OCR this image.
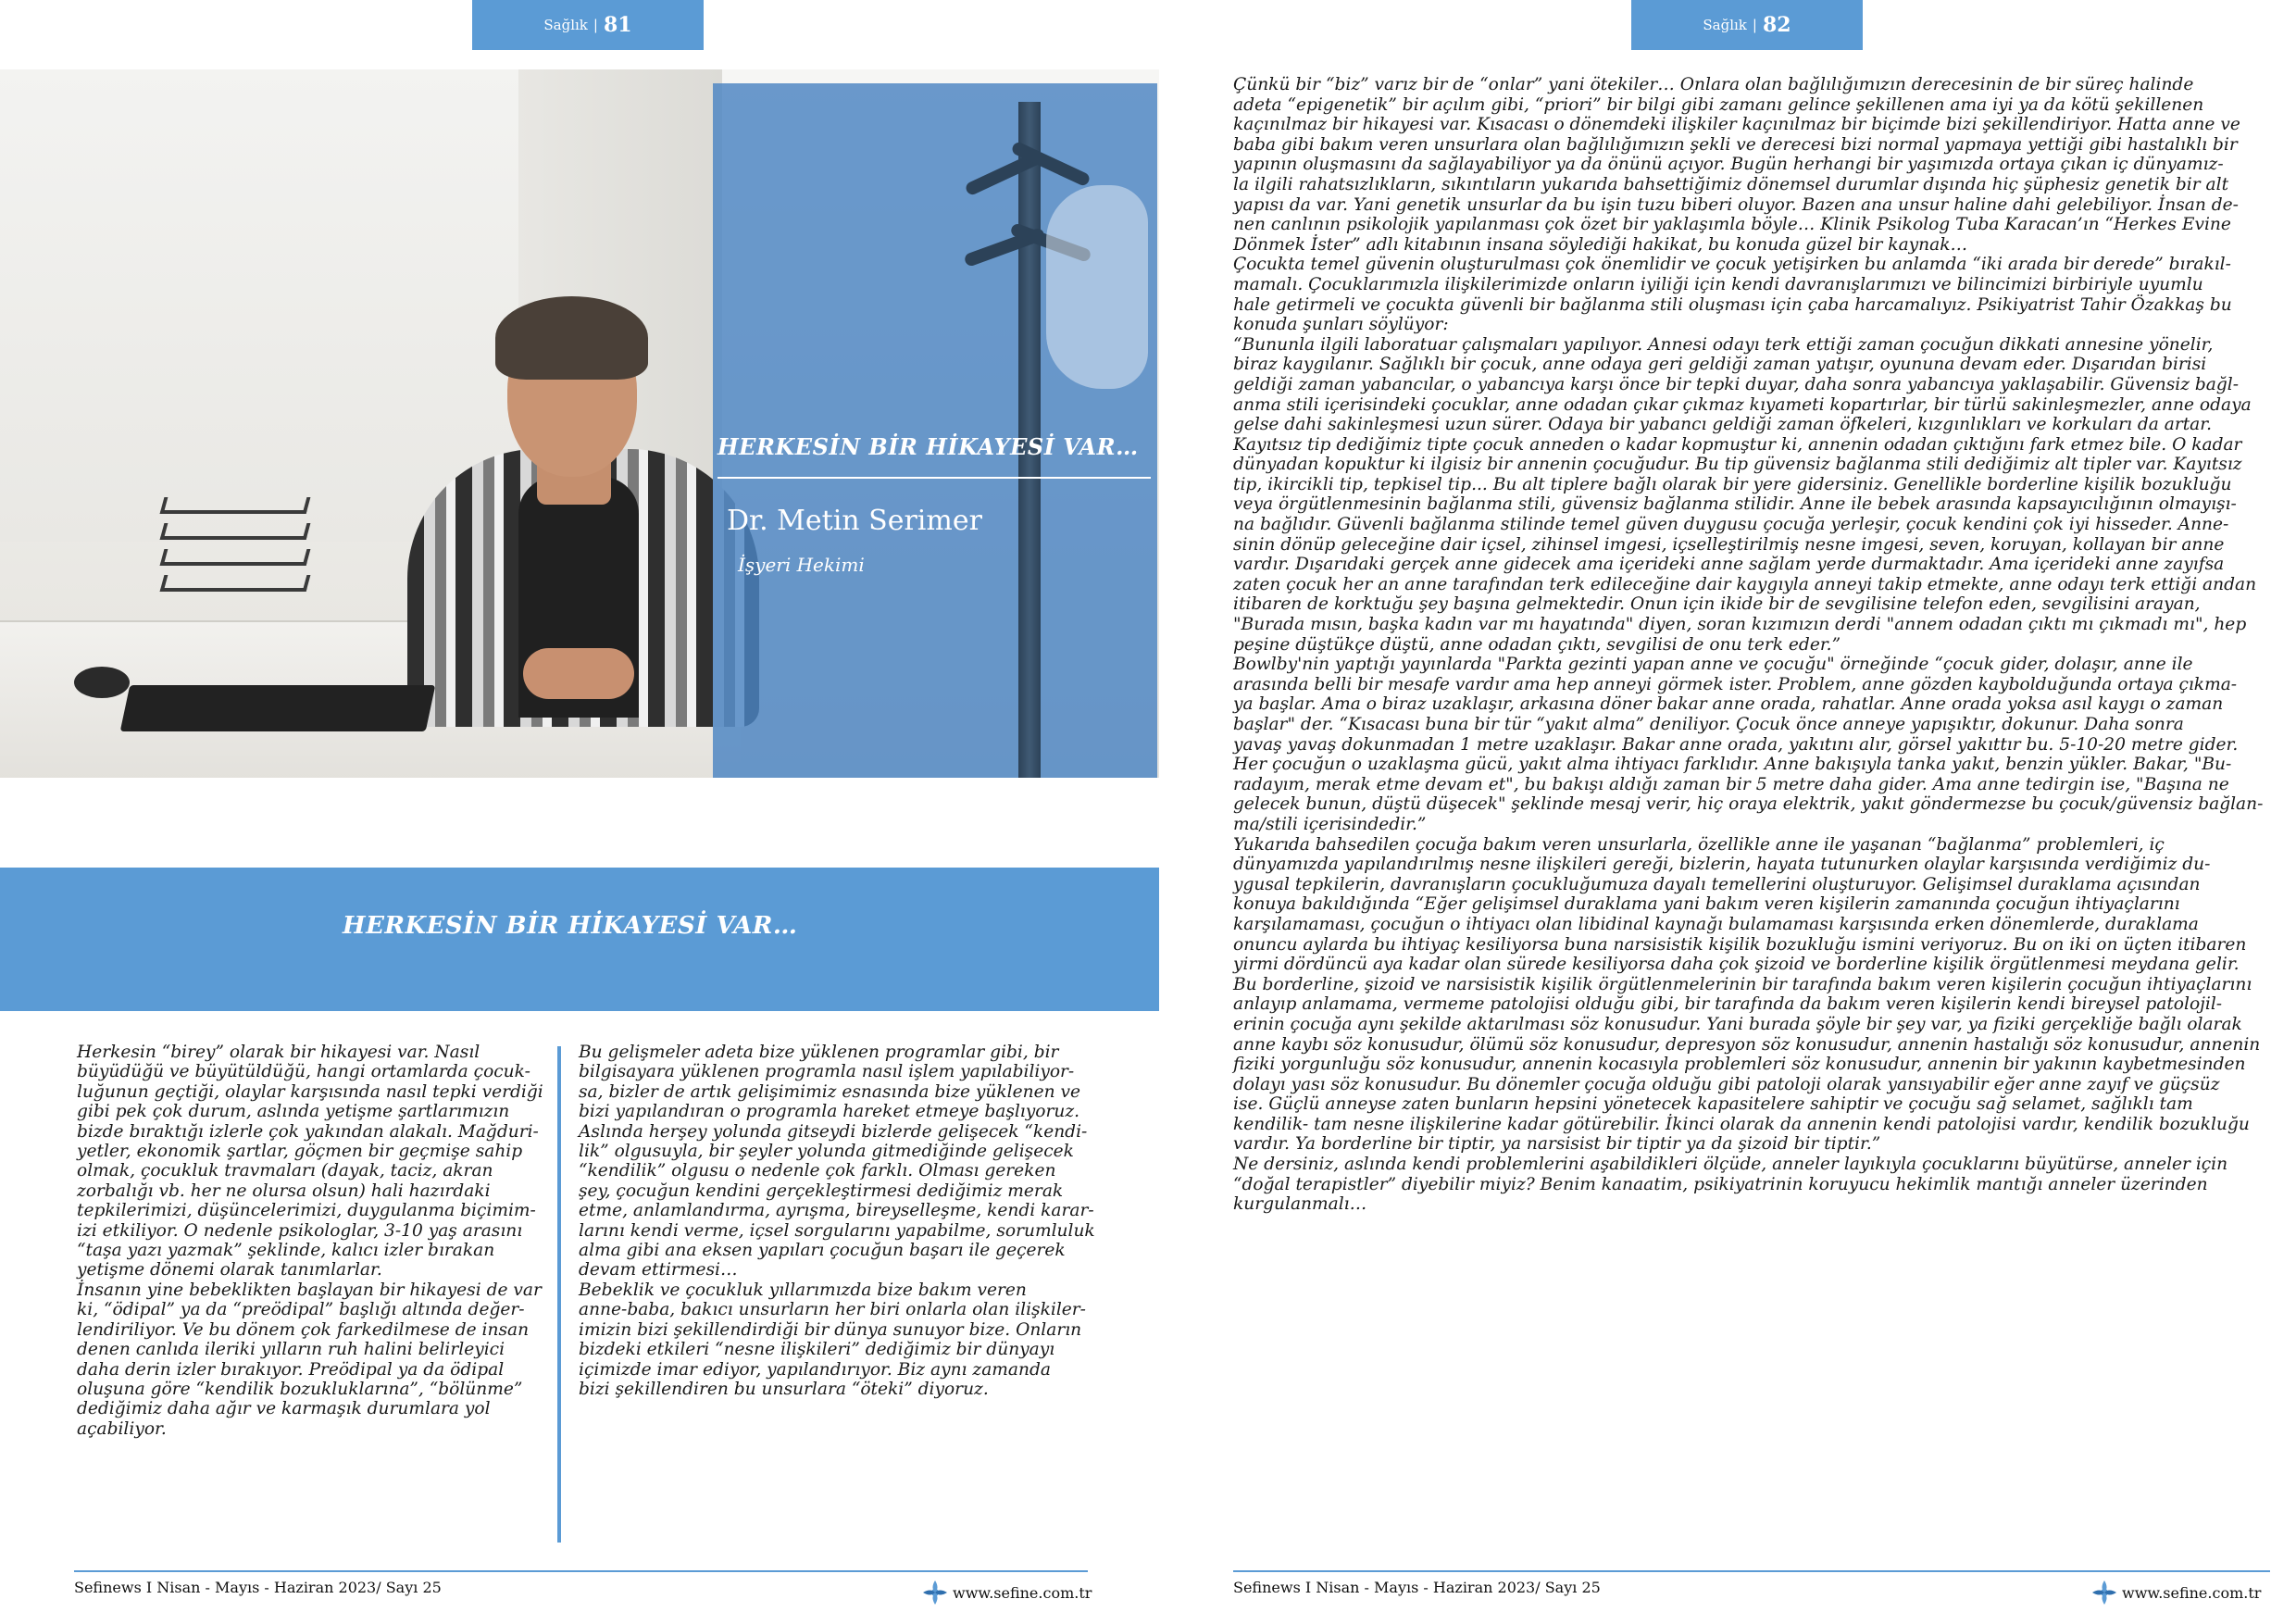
Sağlık | 81
HERKESİN BİR HİKAYESİ VAR…
Dr. Metin Serimer
İşyeri Hekimi
HERKESİN BİR HİKAYESİ VAR…

Herkesin “birey” olarak bir hikayesi var. Nasıl
büyüdüğü ve büyütüldüğü, hangi ortamlarda çocuk-
luğunun geçtiği, olaylar karşısında nasıl tepki verdiği
gibi pek çok durum, aslında yetişme şartlarımızın
bizde bıraktığı izlerle çok yakından alakalı. Mağduri-
yetler, ekonomik şartlar, göçmen bir geçmişe sahip
olmak, çocukluk travmaları (dayak, taciz, akran
zorbalığı vb. her ne olursa olsun) hali hazırdaki
tepkilerimizi, düşüncelerimizi, duygulanma biçimim-
izi etkiliyor. O nedenle psikologlar, 3-10 yaş arasını
“taşa yazı yazmak” şeklinde, kalıcı izler bırakan
yetişme dönemi olarak tanımlarlar.
İnsanın yine bebeklikten başlayan bir hikayesi de var
ki, “ödipal” ya da “preödipal” başlığı altında değer-
lendiriliyor. Ve bu dönem çok farkedilmese de insan
denen canlıda ileriki yılların ruh halini belirleyici
daha derin izler bırakıyor. Preödipal ya da ödipal
oluşuna göre “kendilik bozukluklarına”, “bölünme”
dediğimiz daha ağır ve karmaşık durumlara yol
açabiliyor.

Bu gelişmeler adeta bize yüklenen programlar gibi, bir
bilgisayara yüklenen programla nasıl işlem yapılabiliyor-
sa, bizler de artık gelişimimiz esnasında bize yüklenen ve
bizi yapılandıran o programla hareket etmeye başlıyoruz.
Aslında herşey yolunda gitseydi bizlerde gelişecek “kendi-
lik” olgusuyla, bir şeyler yolunda gitmediğinde gelişecek
“kendilik” olgusu o nedenle çok farklı. Olması gereken
şey, çocuğun kendini gerçekleştirmesi dediğimiz merak
etme, anlamlandırma, ayrışma, bireyselleşme, kendi karar-
larını kendi verme, içsel sorgularını yapabilme, sorumluluk
alma gibi ana eksen yapıları çocuğun başarı ile geçerek
devam ettirmesi…
Bebeklik ve çocukluk yıllarımızda bize bakım veren
anne-baba, bakıcı unsurların her biri onlarla olan ilişkiler-
imizin bizi şekillendirdiği bir dünya sunuyor bize. Onların
bizdeki etkileri “nesne ilişkileri” dediğimiz bir dünyayı
içimizde imar ediyor, yapılandırıyor. Biz aynı zamanda
bizi şekillendiren bu unsurlara “öteki” diyoruz.

Sefinews I Nisan - Mayıs - Haziran 2023/ Sayı 25	www.sefine.com.tr
Sağlık | 82

Çünkü bir “biz” varız bir de “onlar” yani ötekiler… Onlara olan bağlılığımızın derecesinin de bir süreç halinde
adeta “epigenetik” bir açılım gibi, “priori” bir bilgi gibi zamanı gelince şekillenen ama iyi ya da kötü şekillenen
kaçınılmaz bir hikayesi var. Kısacası o dönemdeki ilişkiler kaçınılmaz bir biçimde bizi şekillendiriyor. Hatta anne ve
baba gibi bakım veren unsurlara olan bağlılığımızın şekli ve derecesi bizi normal yapmaya yettiği gibi hastalıklı bir
yapının oluşmasını da sağlayabiliyor ya da önünü açıyor. Bugün herhangi bir yaşımızda ortaya çıkan iç dünyamız-
la ilgili rahatsızlıkların, sıkıntıların yukarıda bahsettiğimiz dönemsel durumlar dışında hiç şüphesiz genetik bir alt
yapısı da var. Yani genetik unsurlar da bu işin tuzu biberi oluyor. Bazen ana unsur haline dahi gelebiliyor. İnsan de-
nen canlının psikolojik yapılanması çok özet bir yaklaşımla böyle… Klinik Psikolog Tuba Karacan’ın “Herkes Evine
Dönmek İster” adlı kitabının insana söylediği hakikat, bu konuda güzel bir kaynak…
Çocukta temel güvenin oluşturulması çok önemlidir ve çocuk yetişirken bu anlamda “iki arada bir derede” bırakıl-
mamalı. Çocuklarımızla ilişkilerimizde onların iyiliği için kendi davranışlarımızı ve bilincimizi birbiriyle uyumlu
hale getirmeli ve çocukta güvenli bir bağlanma stili oluşması için çaba harcamalıyız. Psikiyatrist Tahir Özakkaş bu
konuda şunları söylüyor:

“Bununla ilgili laboratuar çalışmaları yapılıyor. Annesi odayı terk ettiği zaman çocuğun dikkati annesine yönelir,
biraz kaygılanır. Sağlıklı bir çocuk, anne odaya geri geldiği zaman yatışır, oyununa devam eder. Dışarıdan birisi
geldiği zaman yabancılar, o yabancıya karşı önce bir tepki duyar, daha sonra yabancıya yaklaşabilir. Güvensiz bağl-
anma stili içerisindeki çocuklar, anne odadan çıkar çıkmaz kıyameti kopartırlar, bir türlü sakinleşmezler, anne odaya
gelse dahi sakinleşmesi uzun sürer. Odaya bir yabancı geldiği zaman öfkeleri, kızgınlıkları ve korkuları da artar.
Kayıtsız tip dediğimiz tipte çocuk anneden o kadar kopmuştur ki, annenin odadan çıktığını fark etmez bile. O kadar
dünyadan kopuktur ki ilgisiz bir annenin çocuğudur. Bu tip güvensiz bağlanma stili dediğimiz alt tipler var. Kayıtsız
tip, ikircikli tip, tepkisel tip... Bu alt tiplere bağlı olarak bir yere gidersiniz. Genellikle borderline kişilik bozukluğu
veya örgütlenmesinin bağlanma stili, güvensiz bağlanma stilidir. Anne ile bebek arasında kapsayıcılığının olmayışı-
na bağlıdır. Güvenli bağlanma stilinde temel güven duygusu çocuğa yerleşir, çocuk kendini çok iyi hisseder. Anne-
sinin dönüp geleceğine dair içsel, zihinsel imgesi, içselleştirilmiş nesne imgesi, seven, koruyan, kollayan bir anne
vardır. Dışarıdaki gerçek anne gidecek ama içerideki anne sağlam yerde durmaktadır. Ama içerideki anne zayıfsa
zaten çocuk her an anne tarafından terk edileceğine dair kaygıyla anneyi takip etmekte, anne odayı terk ettiği andan
itibaren de korktuğu şey başına gelmektedir. Onun için ikide bir de sevgilisine telefon eden, sevgilisini arayan,
"Burada mısın, başka kadın var mı hayatında" diyen, soran kızımızın derdi "annem odadan çıktı mı çıkmadı mı", hep
peşine düştükçe düştü, anne odadan çıktı, sevgilisi de onu terk eder.”
Bowlby'nin yaptığı yayınlarda "Parkta gezinti yapan anne ve çocuğu" örneğinde “çocuk gider, dolaşır, anne ile
arasında belli bir mesafe vardır ama hep anneyi görmek ister. Problem, anne gözden kaybolduğunda ortaya çıkma-
ya başlar. Ama o biraz uzaklaşır, arkasına döner bakar anne orada, rahatlar. Anne orada yoksa asıl kaygı o zaman
başlar" der. “Kısacası buna bir tür “yakıt alma” deniliyor. Çocuk önce anneye yapışıktır, dokunur. Daha sonra
yavaş yavaş dokunmadan 1 metre uzaklaşır. Bakar anne orada, yakıtını alır, görsel yakıttır bu. 5-10-20 metre gider.
Her çocuğun o uzaklaşma gücü, yakıt alma ihtiyacı farklıdır. Anne bakışıyla tanka yakıt, benzin yükler. Bakar, "Bu-
radayım, merak etme devam et", bu bakışı aldığı zaman bir 5 metre daha gider. Ama anne tedirgin ise, "Başına ne
gelecek bunun, düştü düşecek" şeklinde mesaj verir, hiç oraya elektrik, yakıt göndermezse bu çocuk/güvensiz bağlan-
ma/stili içerisindedir.”

Yukarıda bahsedilen çocuğa bakım veren unsurlarla, özellikle anne ile yaşanan “bağlanma” problemleri, iç
dünyamızda yapılandırılmış nesne ilişkileri gereği, bizlerin, hayata tutunurken olaylar karşısında verdiğimiz du-
ygusal tepkilerin, davranışların çocukluğumuza dayalı temellerini oluşturuyor. Gelişimsel duraklama açısından
konuya bakıldığında “Eğer gelişimsel duraklama yani bakım veren kişilerin zamanında çocuğun ihtiyaçlarını
karşılamaması, çocuğun o ihtiyacı olan libidinal kaynağı bulamaması karşısında erken dönemlerde, duraklama
onuncu aylarda bu ihtiyaç kesiliyorsa buna narsisistik kişilik bozukluğu ismini veriyoruz. Bu on iki on üçten itibaren
yirmi dördüncü aya kadar olan sürede kesiliyorsa daha çok şizoid ve borderline kişilik örgütlenmesi meydana gelir.
Bu borderline, şizoid ve narsisistik kişilik örgütlenmelerinin bir tarafında bakım veren kişilerin çocuğun ihtiyaçlarını
anlayıp anlamama, vermeme patolojisi olduğu gibi, bir tarafında da bakım veren kişilerin kendi bireysel patolojil-
erinin çocuğa aynı şekilde aktarılması söz konusudur. Yani burada şöyle bir şey var, ya fiziki gerçekliğe bağlı olarak
anne kaybı söz konusudur, ölümü söz konusudur, depresyon söz konusudur, annenin hastalığı söz konusudur, annenin
fiziki yorgunluğu söz konusudur, annenin kocasıyla problemleri söz konusudur, annenin bir yakının kaybetmesinden
dolayı yası söz konusudur. Bu dönemler çocuğa olduğu gibi patoloji olarak yansıyabilir eğer anne zayıf ve güçsüz
ise. Güçlü anneyse zaten bunların hepsini yönetecek kapasitelere sahiptir ve çocuğu sağ selamet, sağlıklı tam
kendilik- tam nesne ilişkilerine kadar götürebilir. İkinci olarak da annenin kendi patolojisi vardır, kendilik bozukluğu
vardır. Ya borderline bir tiptir, ya narsisist bir tiptir ya da şizoid bir tiptir.”
Ne dersiniz, aslında kendi problemlerini aşabildikleri ölçüde, anneler layıkıyla çocuklarını büyütürse, anneler için
“doğal terapistler” diyebilir miyiz? Benim kanaatim, psikiyatrinin koruyucu hekimlik mantığı anneler üzerinden
kurgulanmalı…

Sefinews I Nisan - Mayıs - Haziran 2023/ Sayı 25	www.sefine.com.tr
